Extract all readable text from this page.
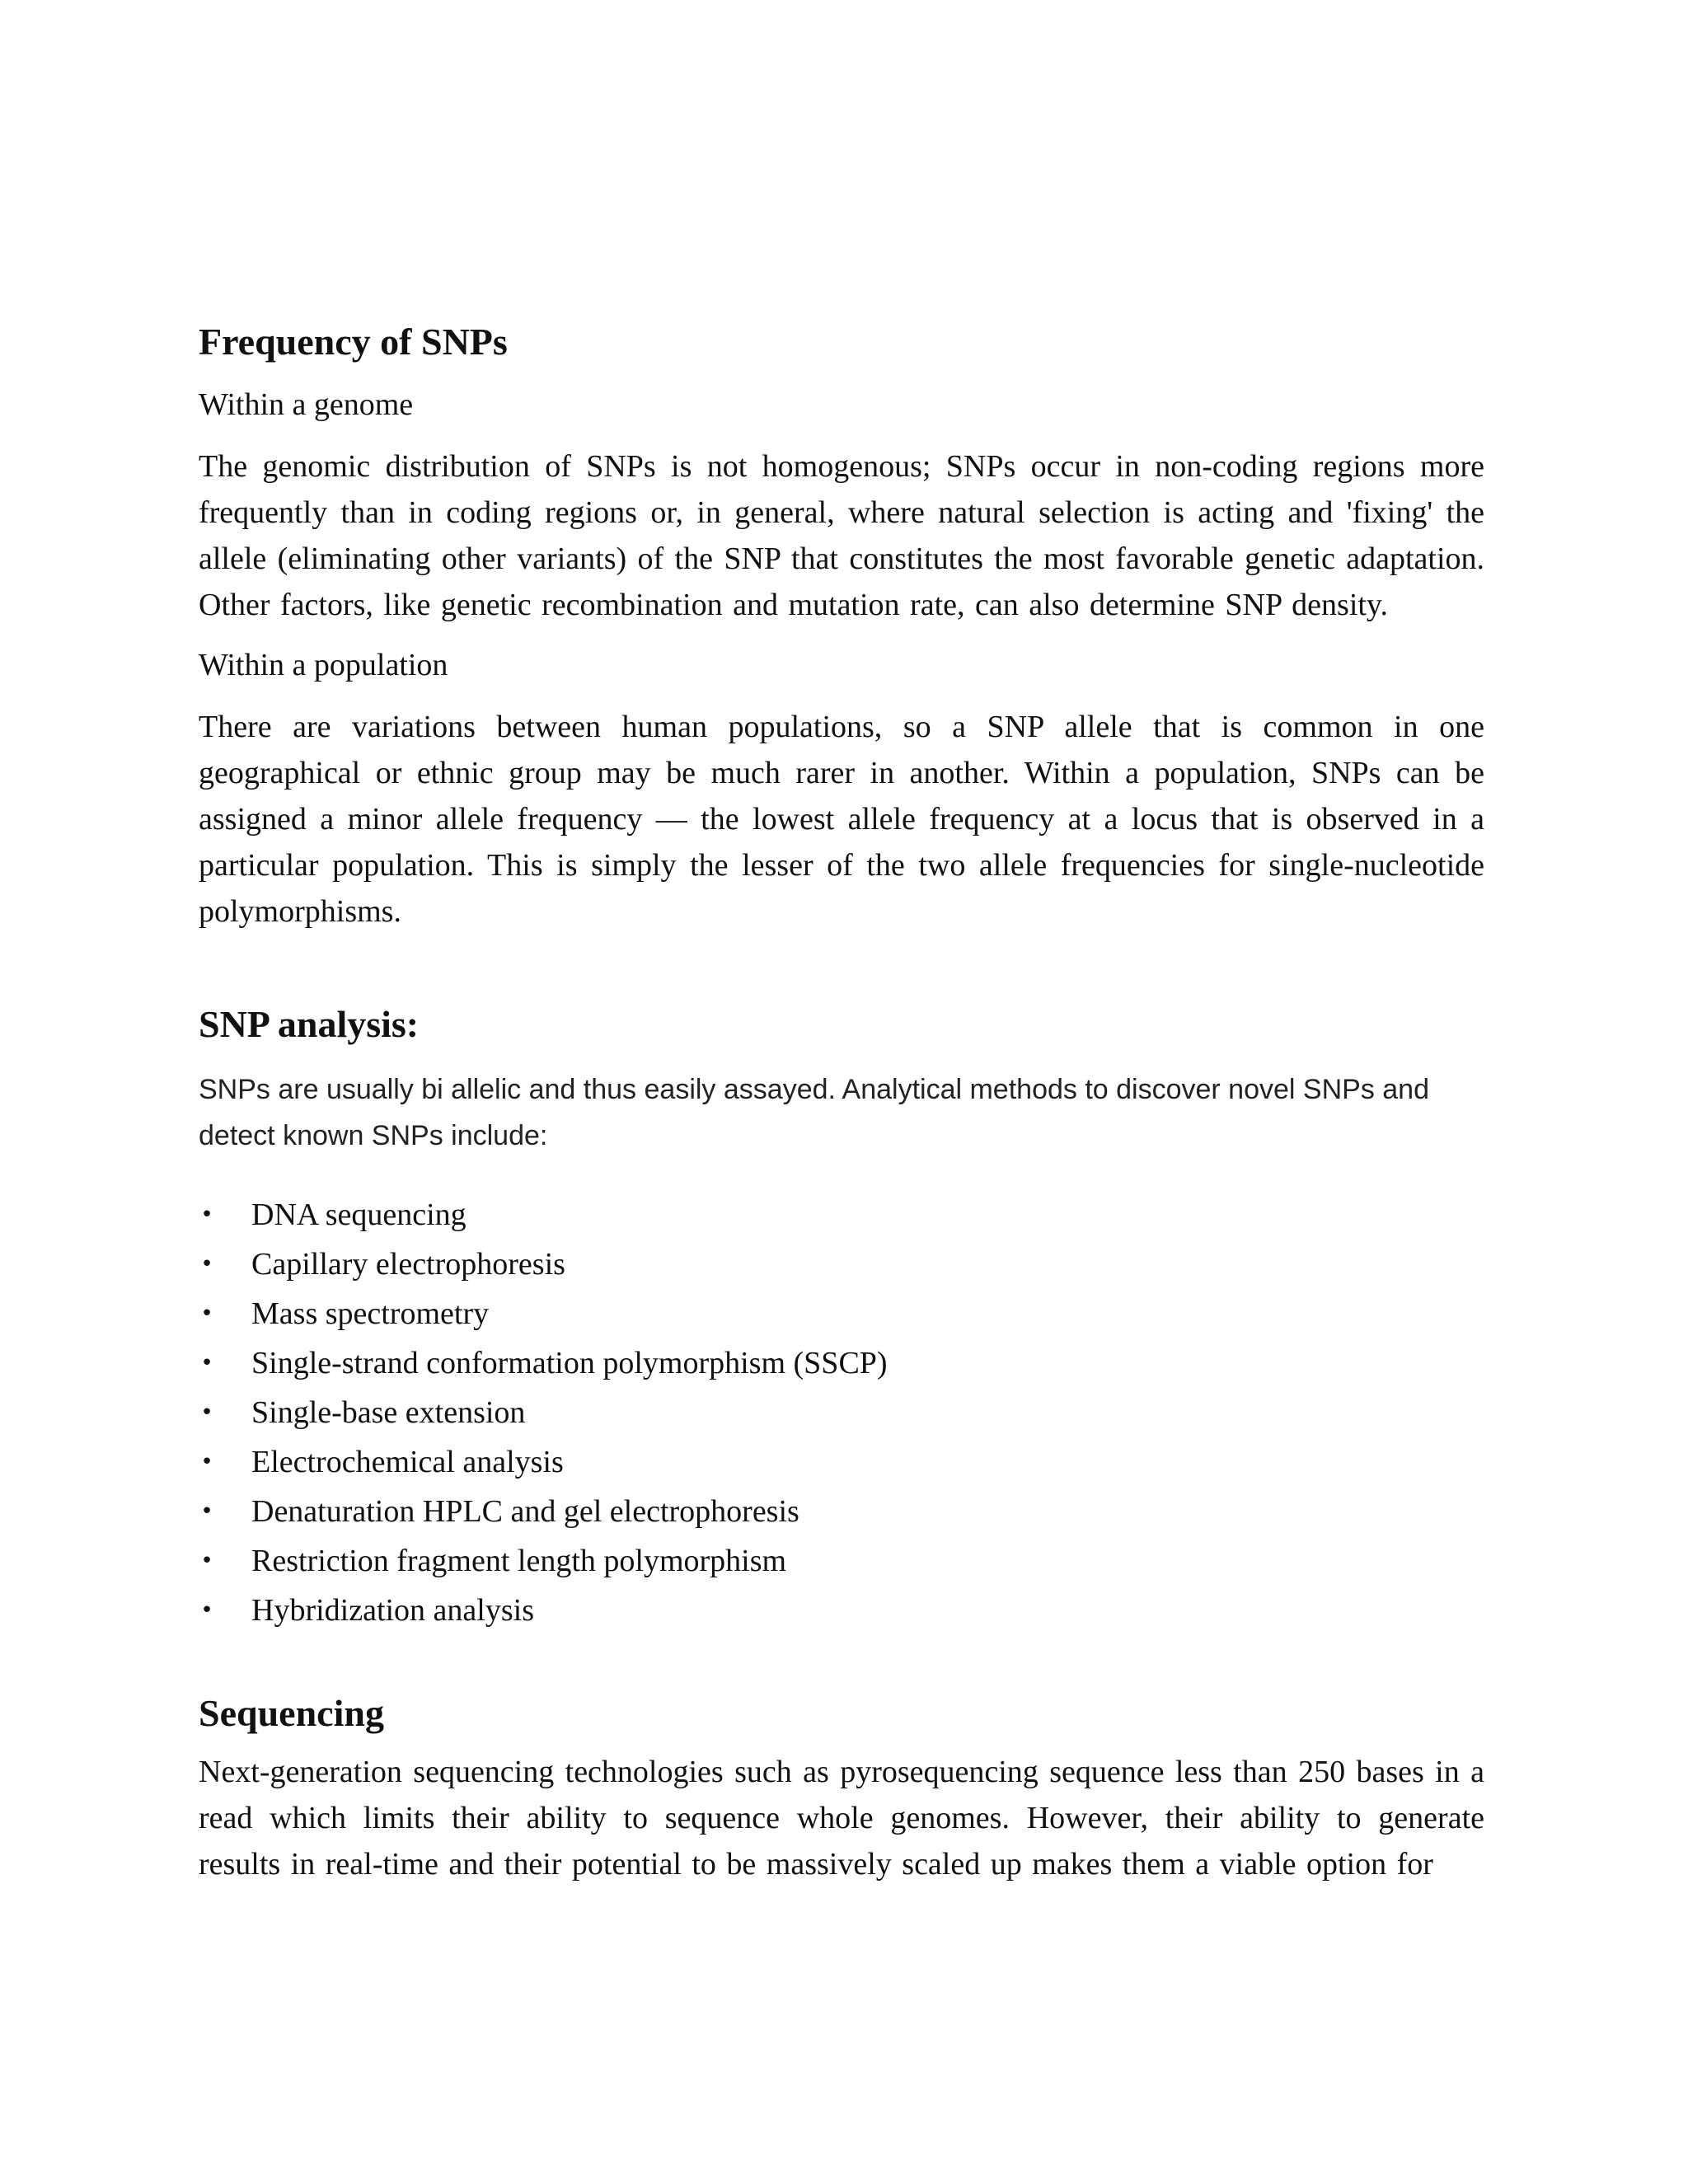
Frequency of SNPs
Within a genome

The genomic distribution of SNPs is not homogenous; SNPs occur in non-coding regions more frequently than in coding regions or, in general, where natural selection is acting and 'fixing' the allele (eliminating other variants) of the SNP that constitutes the most favorable genetic adaptation. Other factors, like genetic recombination and mutation rate, can also determine SNP density.

Within a population

There are variations between human populations, so a SNP allele that is common in one geographical or ethnic group may be much rarer in another. Within a population, SNPs can be assigned a minor allele frequency — the lowest allele frequency at a locus that is observed in a particular population. This is simply the lesser of the two allele frequencies for single-nucleotide polymorphisms.

SNP analysis:

SNPs are usually bi allelic and thus easily assayed. Analytical methods to discover novel SNPs and detect known SNPs include:

• DNA sequencing
• Capillary electrophoresis
• Mass spectrometry
• Single-strand conformation polymorphism (SSCP)
• Single-base extension
• Electrochemical analysis
• Denaturation HPLC and gel electrophoresis
• Restriction fragment length polymorphism
• Hybridization analysis
Sequencing

Next-generation sequencing technologies such as pyrosequencing sequence less than 250 bases in a read which limits their ability to sequence whole genomes. However, their ability to generate results in real-time and their potential to be massively scaled up makes them a viable option for
